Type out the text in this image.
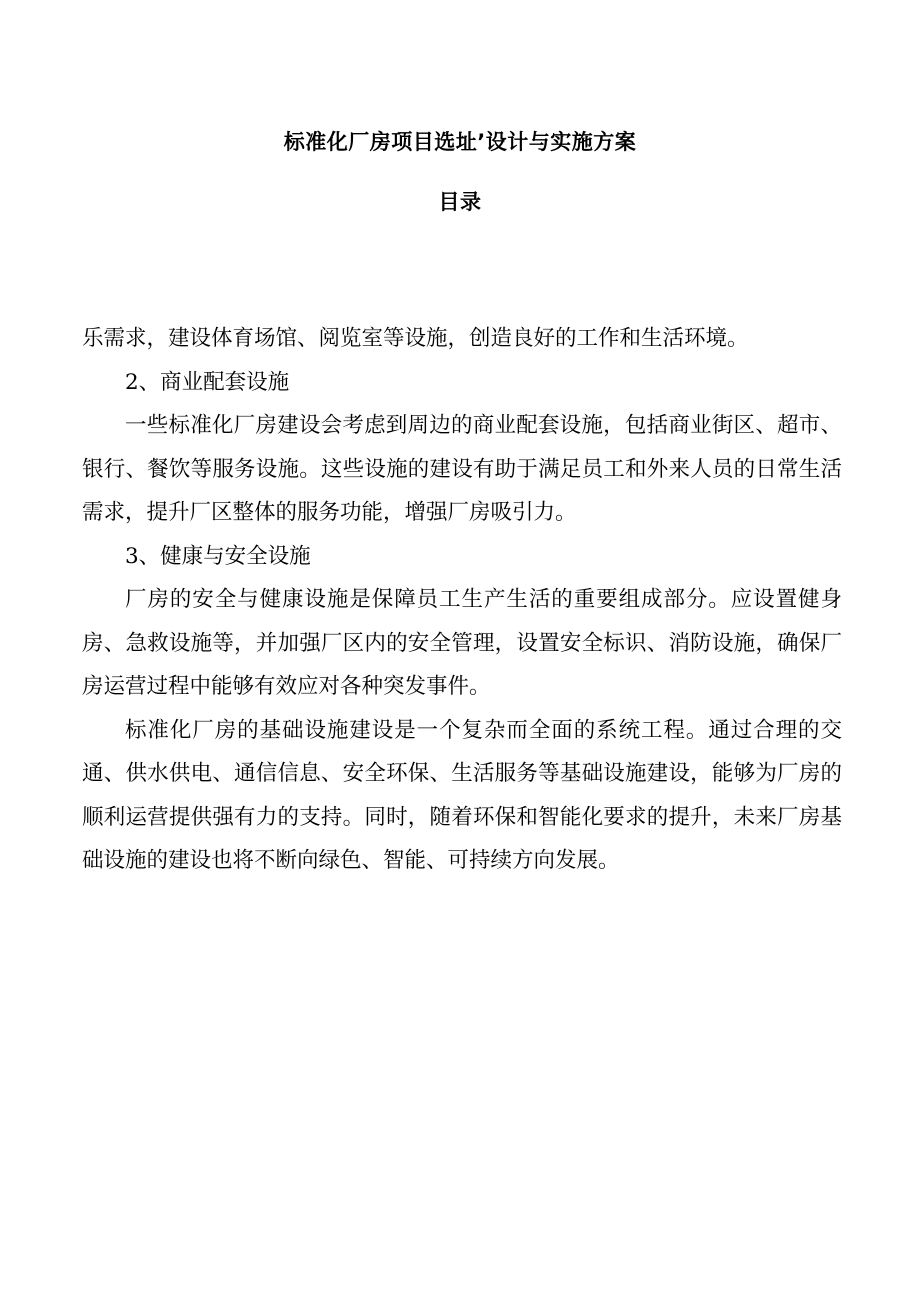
标准化厂房项目选址’设计与实施方案
目录

乐需求，建设体育场馆、阅览室等设施，创造良好的工作和生活环境。

2、商业配套设施

一些标准化厂房建设会考虑到周边的商业配套设施，包括商业街区、超市、银行、餐饮等服务设施。这些设施的建设有助于满足员工和外来人员的日常生活需求，提升厂区整体的服务功能，增强厂房吸引力。

3、健康与安全设施

厂房的安全与健康设施是保障员工生产生活的重要组成部分。应设置健身房、急救设施等，并加强厂区内的安全管理，设置安全标识、消防设施，确保厂房运营过程中能够有效应对各种突发事件。

标准化厂房的基础设施建设是一个复杂而全面的系统工程。通过合理的交通、供水供电、通信信息、安全环保、生活服务等基础设施建设，能够为厂房的顺利运营提供强有力的支持。同时，随着环保和智能化要求的提升，未来厂房基础设施的建设也将不断向绿色、智能、可持续方向发展。
